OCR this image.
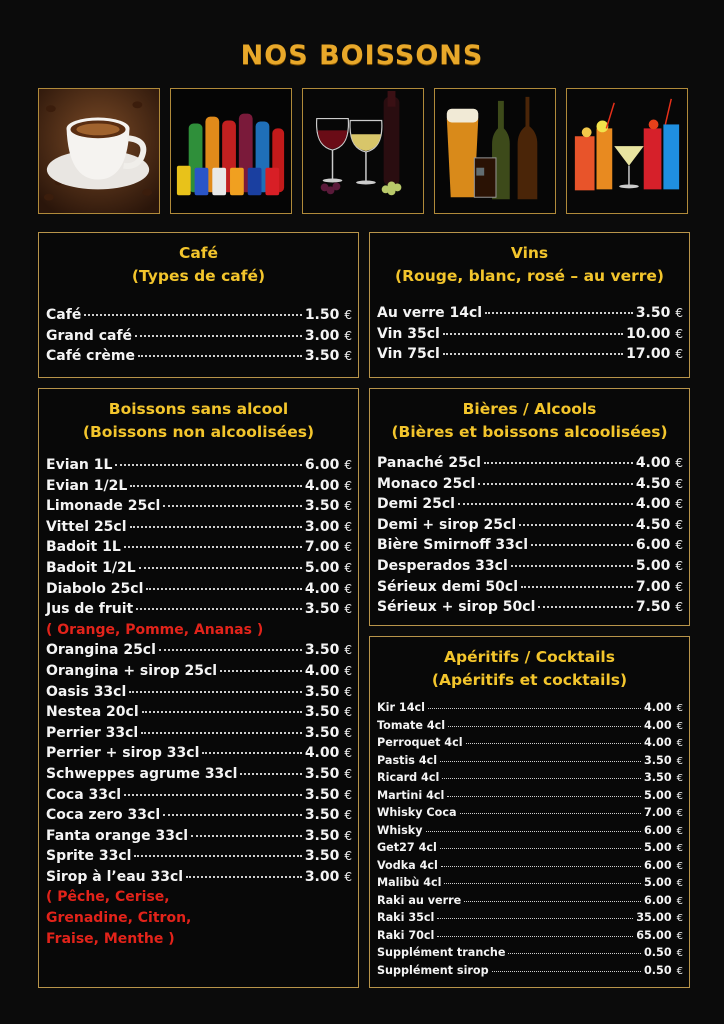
NOS BOISSONS
Café
(Types de café)
Café	1.50 €
Grand café	3.00 €
Café crème	3.50 €
Vins
(Rouge, blanc, rosé – au verre)
Au verre 14cl	3.50 €
Vin 35cl	10.00 €
Vin 75cl	17.00 €
Boissons sans alcool
(Boissons non alcoolisées)
Evian 1L	6.00 €
Evian 1/2L	4.00 €
Limonade 25cl	3.50 €
Vittel 25cl	3.00 €
Badoit 1L	7.00 €
Badoit 1/2L	5.00 €
Diabolo 25cl	4.00 €
Jus de fruit	3.50 €
( Orange, Pomme, Ananas )
Orangina 25cl	3.50 €
Orangina + sirop 25cl	4.00 €
Oasis 33cl	3.50 €
Nestea 20cl	3.50 €
Perrier 33cl	3.50 €
Perrier + sirop 33cl	4.00 €
Schweppes agrume 33cl	3.50 €
Coca 33cl	3.50 €
Coca zero 33cl	3.50 €
Fanta orange 33cl	3.50 €
Sprite 33cl	3.50 €
Sirop à l’eau 33cl	3.00 €
( Pêche, Cerise,
Grenadine, Citron,
Fraise, Menthe )
Bières / Alcools
(Bières et boissons alcoolisées)
Panaché 25cl	4.00 €
Monaco 25cl	4.50 €
Demi 25cl	4.00 €
Demi + sirop 25cl	4.50 €
Bière Smirnoff 33cl	6.00 €
Desperados 33cl	5.00 €
Sérieux demi 50cl	7.00 €
Sérieux + sirop 50cl	7.50 €
Apéritifs / Cocktails
(Apéritifs et cocktails)
Kir 14cl	4.00 €
Tomate 4cl	4.00 €
Perroquet 4cl	4.00 €
Pastis 4cl	3.50 €
Ricard 4cl	3.50 €
Martini 4cl	5.00 €
Whisky Coca	7.00 €
Whisky	6.00 €
Get27 4cl	5.00 €
Vodka 4cl	6.00 €
Malibù 4cl	5.00 €
Raki au verre	6.00 €
Raki 35cl	35.00 €
Raki 70cl	65.00 €
Supplément tranche	0.50 €
Supplément sirop	0.50 €
